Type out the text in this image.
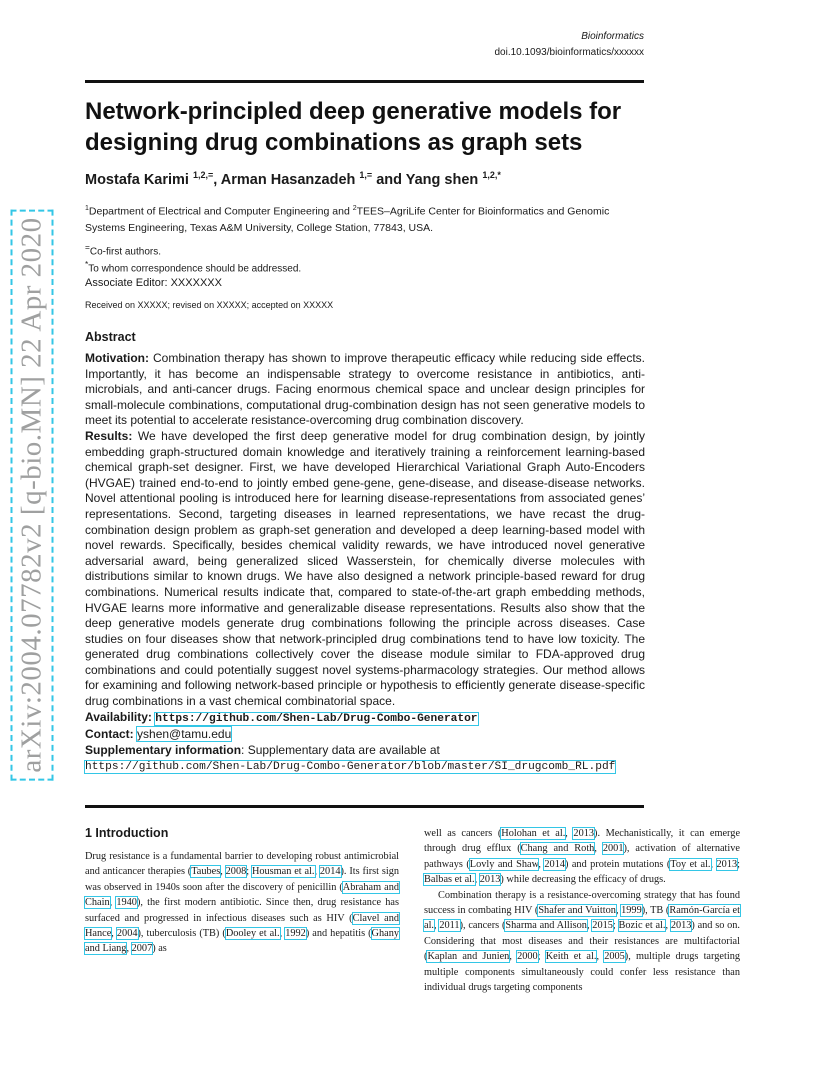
arXiv:2004.07782v2 [q-bio.MN] 22 Apr 2020
Bioinformatics
doi.10.1093/bioinformatics/xxxxxx
Network-principled deep generative models for designing drug combinations as graph sets
Mostafa Karimi $^{1,2,=}$, Arman Hasanzadeh $^{1,=}$ and Yang shen $^{1,2,*}$
$^1$Department of Electrical and Computer Engineering and $^2$TEES–AgriLife Center for Bioinformatics and Genomic Systems Engineering, Texas A&M University, College Station, 77843, USA.
=Co-first authors.
*To whom correspondence should be addressed.
Associate Editor: XXXXXXX
Received on XXXXX; revised on XXXXX; accepted on XXXXX
Abstract

Motivation: Combination therapy has shown to improve therapeutic efficacy while reducing side effects. Importantly, it has become an indispensable strategy to overcome resistance in antibiotics, anti-microbials, and anti-cancer drugs. Facing enormous chemical space and unclear design principles for small-molecule combinations, computational drug-combination design has not seen generative models to meet its potential to accelerate resistance-overcoming drug combination discovery.

Results: We have developed the first deep generative model for drug combination design, by jointly embedding graph-structured domain knowledge and iteratively training a reinforcement learning-based chemical graph-set designer. First, we have developed Hierarchical Variational Graph Auto-Encoders (HVGAE) trained end-to-end to jointly embed gene-gene, gene-disease, and disease-disease networks. Novel attentional pooling is introduced here for learning disease-representations from associated genes’ representations. Second, targeting diseases in learned representations, we have recast the drug-combination design problem as graph-set generation and developed a deep learning-based model with novel rewards. Specifically, besides chemical validity rewards, we have introduced novel generative adversarial award, being generalized sliced Wasserstein, for chemically diverse molecules with distributions similar to known drugs. We have also designed a network principle-based reward for drug combinations. Numerical results indicate that, compared to state-of-the-art graph embedding methods, HVGAE learns more informative and generalizable disease representations. Results also show that the deep generative models generate drug combinations following the principle across diseases. Case studies on four diseases show that network-principled drug combinations tend to have low toxicity. The generated drug combinations collectively cover the disease module similar to FDA-approved drug combinations and could potentially suggest novel systems-pharmacology strategies. Our method allows for examining and following network-based principle or hypothesis to efficiently generate disease-specific drug combinations in a vast chemical combinatorial space.

Availability: https://github.com/Shen-Lab/Drug-Combo-Generator

Contact: yshen@tamu.edu

Supplementary information: Supplementary data are available at

https://github.com/Shen-Lab/Drug-Combo-Generator/blob/master/SI_drugcomb_RL.pdf

1 Introduction

Drug resistance is a fundamental barrier to developing robust antimicrobial and anticancer therapies (Taubes, 2008; Housman et al., 2014). Its first sign was observed in 1940s soon after the discovery of penicillin (Abraham and Chain, 1940), the first modern antibiotic. Since then, drug resistance has surfaced and progressed in infectious diseases such as HIV (Clavel and Hance, 2004), tuberculosis (TB) (Dooley et al., 1992) and hepatitis (Ghany and Liang, 2007) as

well as cancers (Holohan et al., 2013). Mechanistically, it can emerge through drug efflux (Chang and Roth, 2001), activation of alternative pathways (Lovly and Shaw, 2014) and protein mutations (Toy et al., 2013; Balbas et al., 2013) while decreasing the efficacy of drugs.

Combination therapy is a resistance-overcoming strategy that has found success in combating HIV (Shafer and Vuitton, 1999), TB (Ramón-García et al., 2011), cancers (Sharma and Allison, 2015; Bozic et al., 2013) and so on. Considering that most diseases and their resistances are multifactorial (Kaplan and Junien, 2000; Keith et al., 2005), multiple drugs targeting multiple components simultaneously could confer less resistance than individual drugs targeting components
